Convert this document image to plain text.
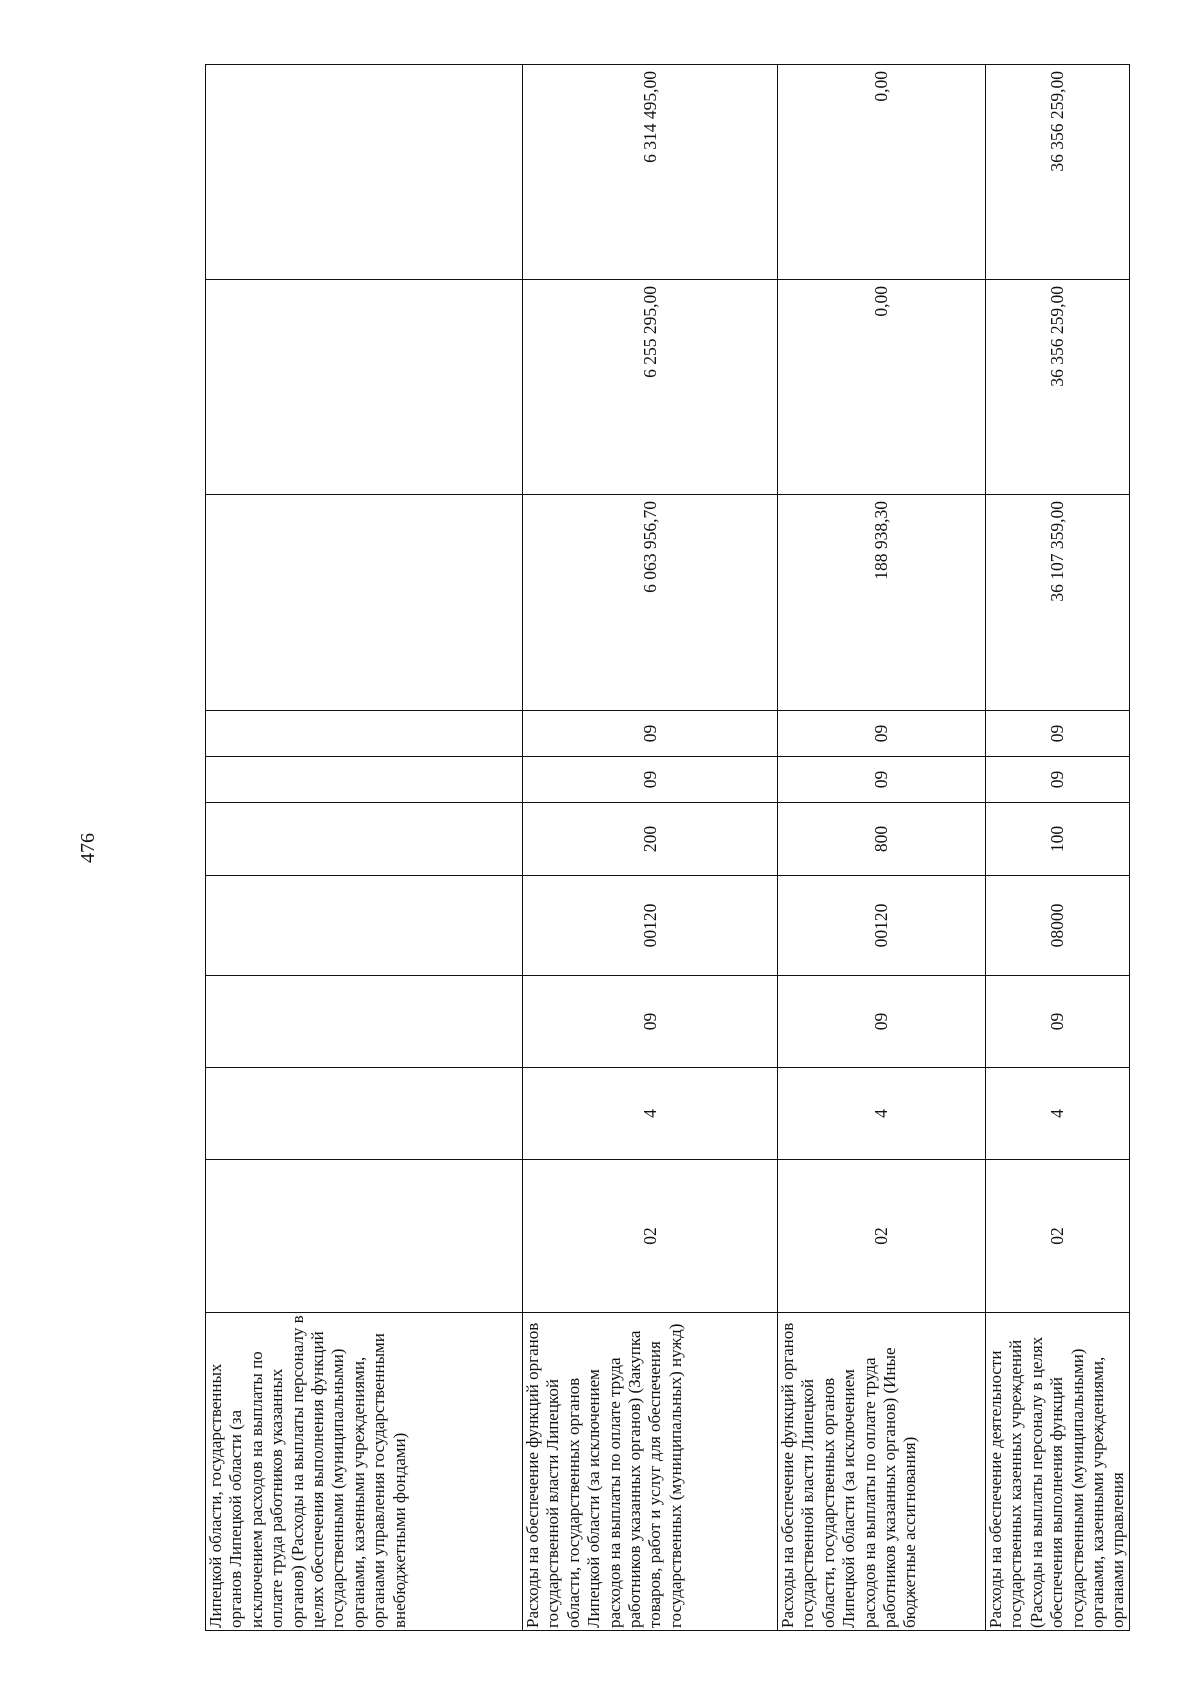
476
Липецкой области, государственных органов Липецкой области (за исключением расходов на выплаты по оплате труда работников указанных органов) (Расходы на выплаты персоналу в целях обеспечения выполнения функций государственными (муниципальными) органами, казенными учреждениями, органами управления государственными внебюджетными фондами)										
Расходы на обеспечение функций органов государственной власти Липецкой области, государственных органов Липецкой области (за исключением расходов на выплаты по оплате труда работников указанных органов) (Закупка товаров, работ и услуг для обеспечения государственных (муниципальных) нужд)	02	4	09	00120	200	09	09	6 063 956,70	6 255 295,00	6 314 495,00
Расходы на обеспечение функций органов государственной власти Липецкой области, государственных органов Липецкой области (за исключением расходов на выплаты по оплате труда работников указанных органов) (Иные бюджетные ассигнования)	02	4	09	00120	800	09	09	188 938,30	0,00	0,00
Расходы на обеспечение деятельности государственных казенных учреждений (Расходы на выплаты персоналу в целях обеспечения выполнения функций государственными (муниципальными) органами, казенными учреждениями, органами управления	02	4	09	08000	100	09	09	36 107 359,00	36 356 259,00	36 356 259,00
